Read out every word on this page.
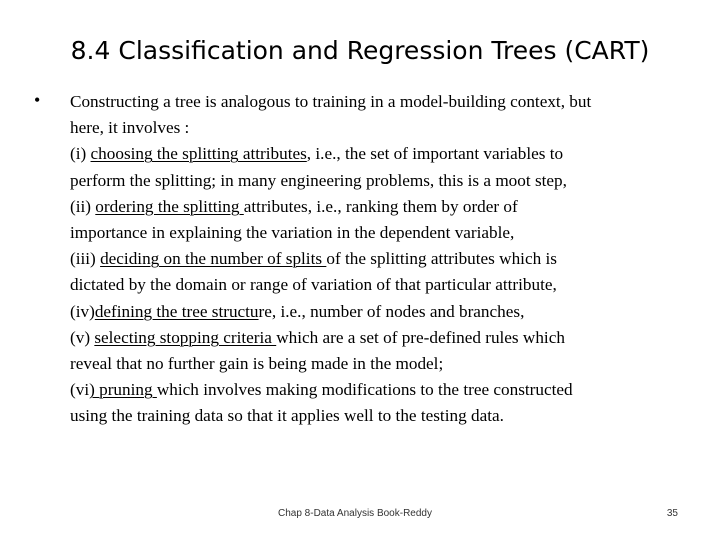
8.4 Classification and Regression Trees (CART)
• Constructing a tree is analogous to training in a model-building context, but
here, it involves :
(i) choosing the splitting attributes, i.e., the set of important variables to
perform the splitting; in many engineering problems, this is a moot step,
(ii) ordering the splitting attributes, i.e., ranking them by order of
importance in explaining the variation in the dependent variable,
(iii) deciding on the number of splits of the splitting attributes which is
dictated by the domain or range of variation of that particular attribute,
(iv)defining the tree structure, i.e., number of nodes and branches,
(v) selecting stopping criteria which are a set of pre-defined rules which
reveal that no further gain is being made in the model;
(vi) pruning which involves making modifications to the tree constructed
using the training data so that it applies well to the testing data.
Chap 8-Data Analysis Book-Reddy	35
